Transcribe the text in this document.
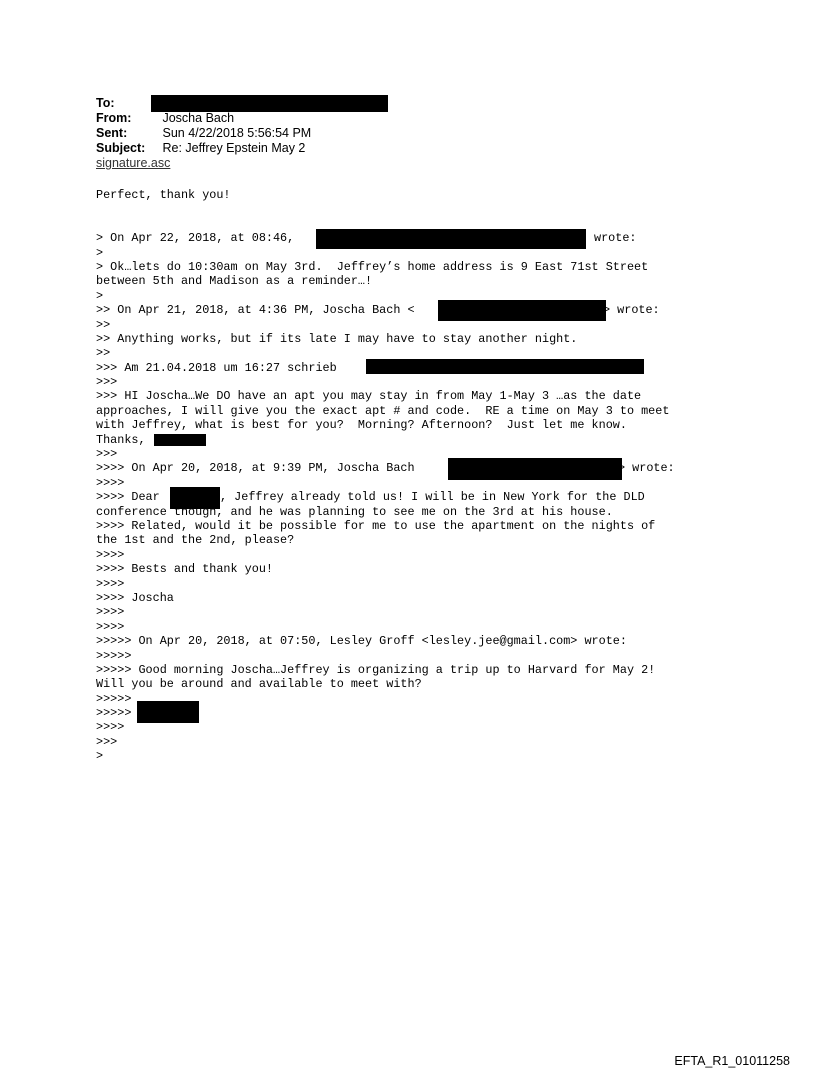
To:
From: Joscha Bach
Sent:	Sun 4/22/2018 5:56:54 PM
Subject: Re: Jeffrey Epstein May 2
signature.asc
Perfect, thank you!
> On Apr 22, 2018, at 08:46,	wrote:
>
> Ok…lets do 10:30am on May 3rd.  Jeffrey’s home address is 9 East 71st Street
between 5th and Madison as a reminder…!
>
>> On Apr 21, 2018, at 4:36 PM, Joscha Bach <	> wrote:
>>
>> Anything works, but if its late I may have to stay another night.
>>
>>> Am 21.04.2018 um 16:27 schrieb
>>>
>>> HI Joscha…We DO have an apt you may stay in from May 1-May 3 …as the date
approaches, I will give you the exact apt # and code.  RE a time on May 3 to meet
with Jeffrey, what is best for you?  Morning? Afternoon?  Just let me know.
Thanks,
>>>
>>>> On Apr 20, 2018, at 9:39 PM, Joscha Bach	> wrote:
>>>>
>>>> Dear	, Jeffrey already told us! I will be in New York for the DLD
conference though, and he was planning to see me on the 3rd at his house.
>>>> Related, would it be possible for me to use the apartment on the nights of
the 1st and the 2nd, please?
>>>>
>>>> Bests and thank you!
>>>>
>>>> Joscha
>>>>
>>>>
>>>>> On Apr 20, 2018, at 07:50, Lesley Groff <lesley.jee@gmail.com> wrote:
>>>>>
>>>>> Good morning Joscha…Jeffrey is organizing a trip up to Harvard for May 2!
Will you be around and available to meet with?
>>>>>
>>>>>
>>>>
>>>
>
EFTA_R1_01011258
